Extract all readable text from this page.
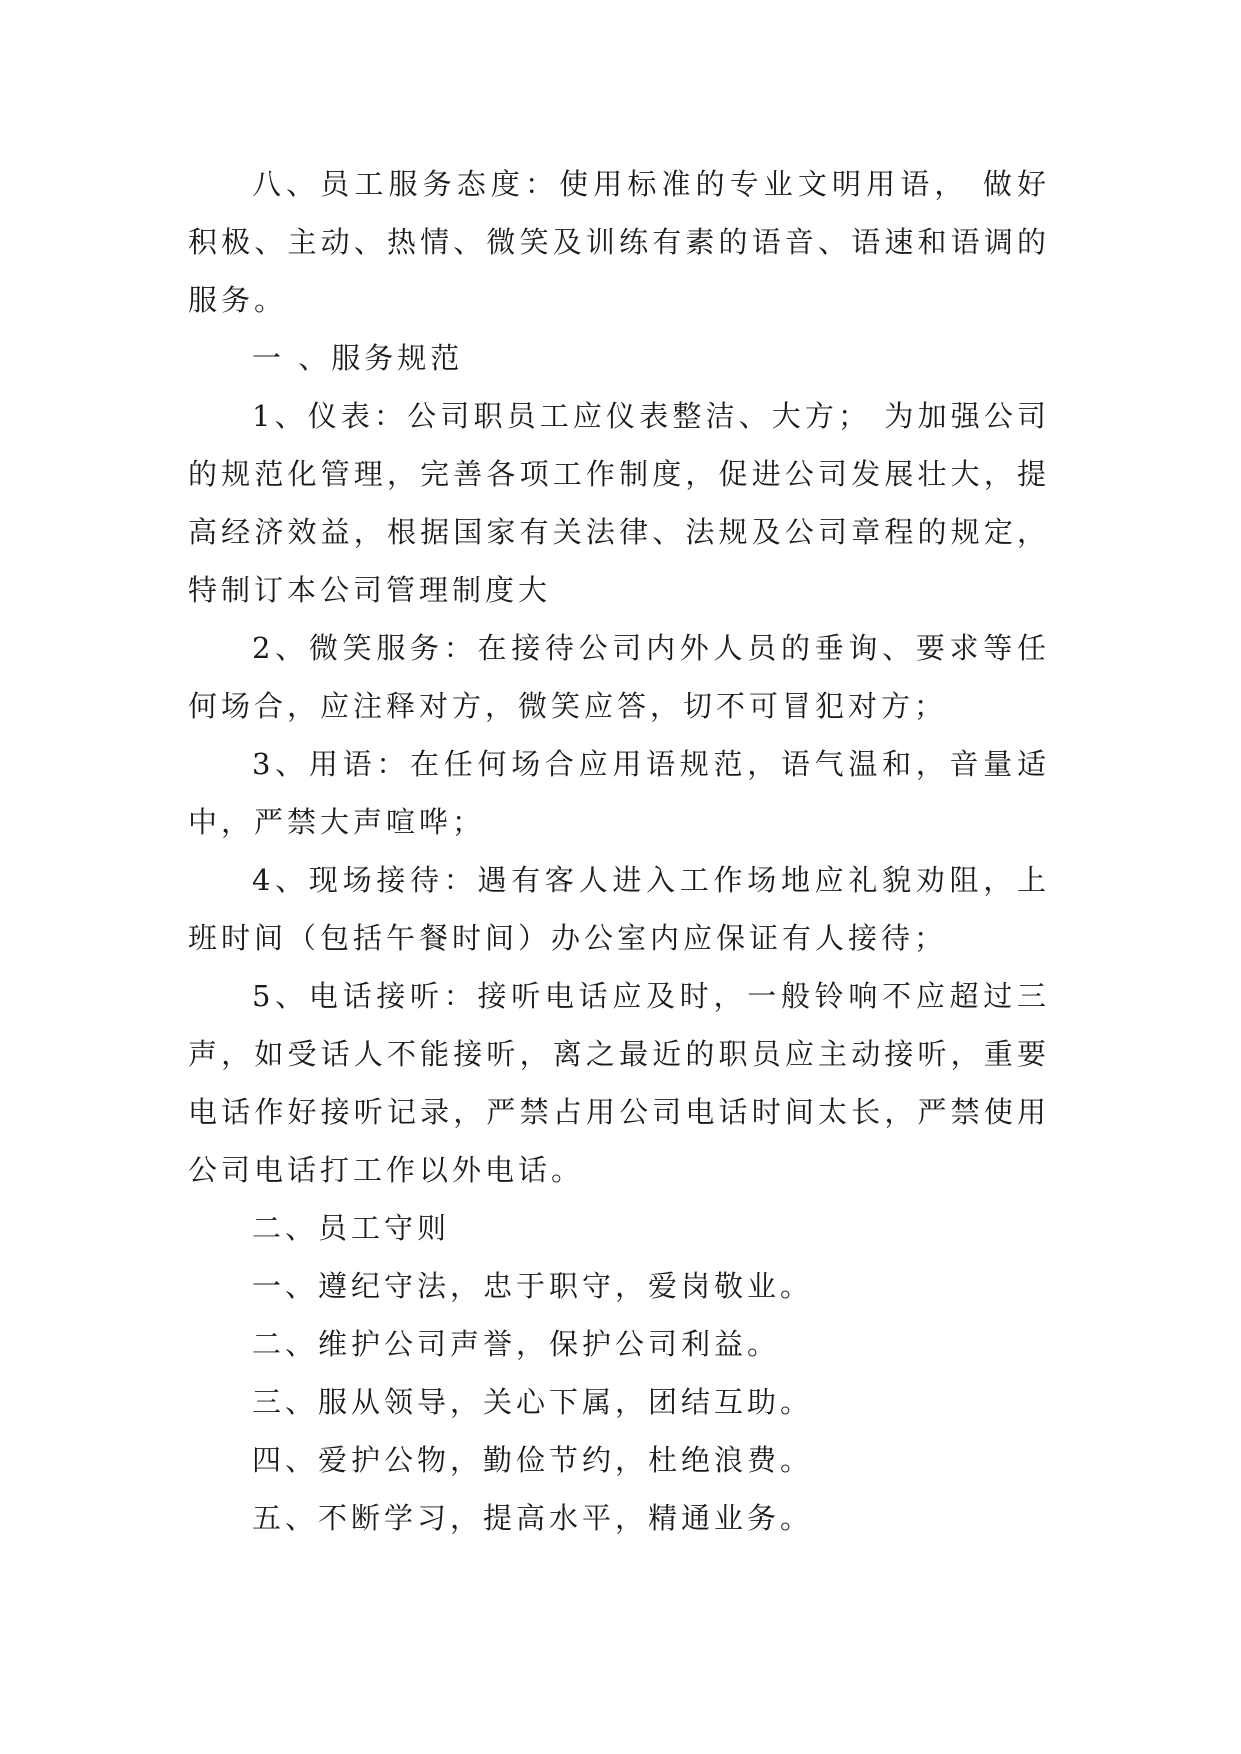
八、员工服务态度：使用标准的专业文明用语， 做好积极、主动、热情、微笑及训练有素的语音、语速和语调的服务。

一 、服务规范

1、仪表：公司职员工应仪表整洁、大方； 为加强公司的规范化管理，完善各项工作制度，促进公司发展壮大，提高经济效益，根据国家有关法律、法规及公司章程的规定，特制订本公司管理制度大

2、微笑服务：在接待公司内外人员的垂询、要求等任何场合，应注释对方，微笑应答，切不可冒犯对方；

3、用语：在任何场合应用语规范，语气温和，音量适中，严禁大声喧哗；

4、现场接待：遇有客人进入工作场地应礼貌劝阻，上班时间（包括午餐时间）办公室内应保证有人接待；

5、电话接听：接听电话应及时，一般铃响不应超过三声，如受话人不能接听，离之最近的职员应主动接听，重要电话作好接听记录，严禁占用公司电话时间太长，严禁使用公司电话打工作以外电话。

二、员工守则

一、遵纪守法，忠于职守，爱岗敬业。

二、维护公司声誉，保护公司利益。

三、服从领导，关心下属，团结互助。

四、爱护公物，勤俭节约，杜绝浪费。

五、不断学习，提高水平，精通业务。
